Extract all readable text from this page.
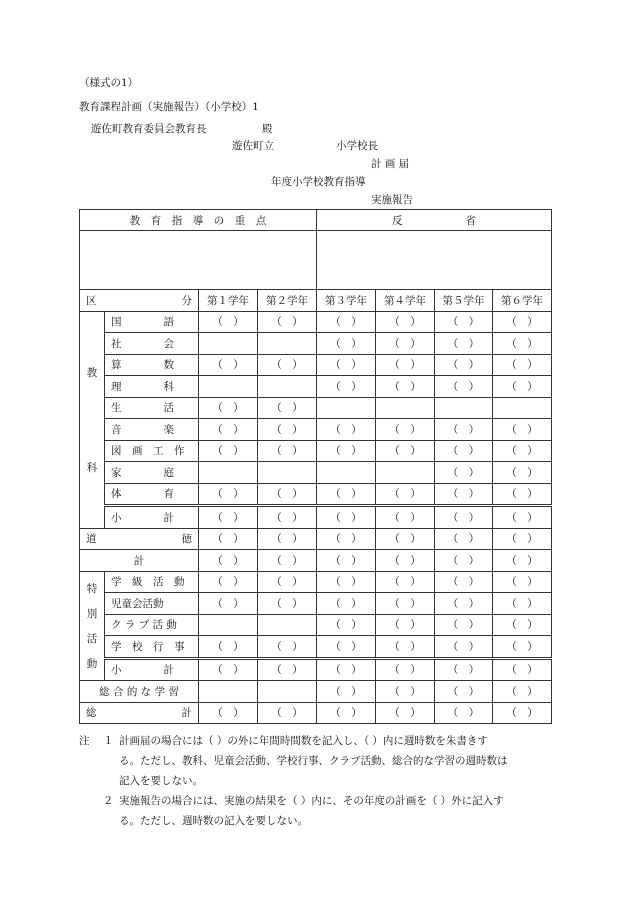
（様式の1）
教育課程計画（実施報告）（小学校）1
遊佐町教育委員会教育長	殿
遊佐町立	小学校長
計 画 届
年度小学校教育指導
実施報告
教　育　指　導　の　重　点				反　　　　　　省			

区 分		第１学年	第２学年	第３学年	第４学年	第５学年	第６学年

教
科	国　　　　語	（　）	（　）	（　）	（　）	（　）	（　）
	社　　　　会			（　）	（　）	（　）	（　）
	算　　　　数	（　）	（　）	（　）	（　）	（　）	（　）
	理　　　　科			（　）	（　）	（　）	（　）
	生　　　　活	（　）	（　）				
	音　　　　楽	（　）	（　）	（　）	（　）	（　）	（　）
	図　画　工　作	（　）	（　）	（　）	（　）	（　）	（　）
	家　　　　庭					（　）	（　）
	体　　　　育	（　）	（　）	（　）	（　）	（　）	（　）
	小　　　　計	（　）	（　）	（　）	（　）	（　）	（　）

道 徳		（　）	（　）	（　）	（　）	（　）	（　）
計		（　）	（　）	（　）	（　）	（　）	（　）

特
別
活
動	学　級　活　動	（　）	（　）	（　）	（　）	（　）	（　）
	児童会活動	（　）	（　）	（　）	（　）	（　）	（　）
	ク ラ ブ 活 動			（　）	（　）	（　）	（　）
	学　校　行　事	（　）	（　）	（　）	（　）	（　）	（　）
	小　　　　計	（　）	（　）	（　）	（　）	（　）	（　）
総 合 的 な 学 習				（　）	（　）	（　）	（　）

総 計		（　）	（　）	（　）	（　）	（　）	（　）
注	１ 計画届の場合には（ ）の外に年間時間数を記入し、（ ）内に週時数を朱書きす
る。ただし、教科、児童会活動、学校行事、クラブ活動、総合的な学習の週時数は
記入を要しない。
２ 実施報告の場合には、実施の結果を（ ）内に、その年度の計画を（ ）外に記入す
る。ただし、週時数の記入を要しない。
